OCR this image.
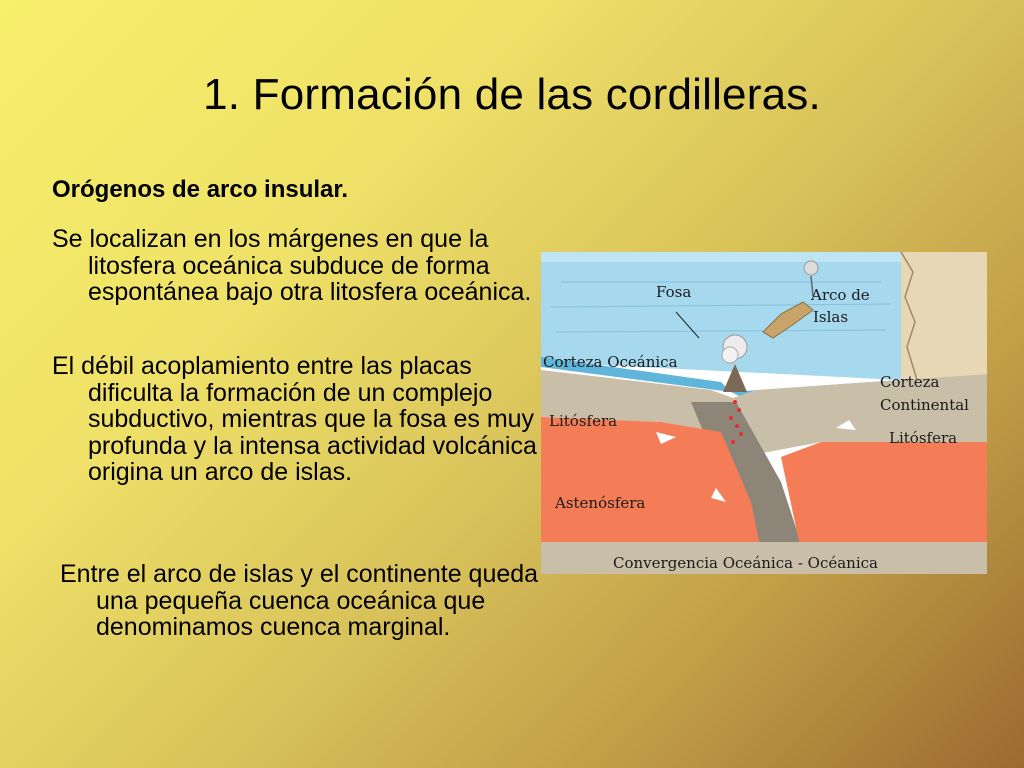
1. Formación de las cordilleras.
Orógenos de arco insular.
Se localizan en los márgenes en que la litosfera oceánica subduce de forma espontánea bajo otra litosfera oceánica.
El débil acoplamiento entre las placas dificulta la formación de un complejo subductivo, mientras que la fosa es muy profunda y la intensa actividad volcánica origina un arco de islas.
Entre el arco de islas y el continente queda una pequeña cuenca oceánica que denominamos cuenca marginal.
Fosa	Arco de
Islas
Corteza Oceánica
Corteza
Continental
Litósfera
Litósfera
Astenósfera
Convergencia Oceánica - Océanica
